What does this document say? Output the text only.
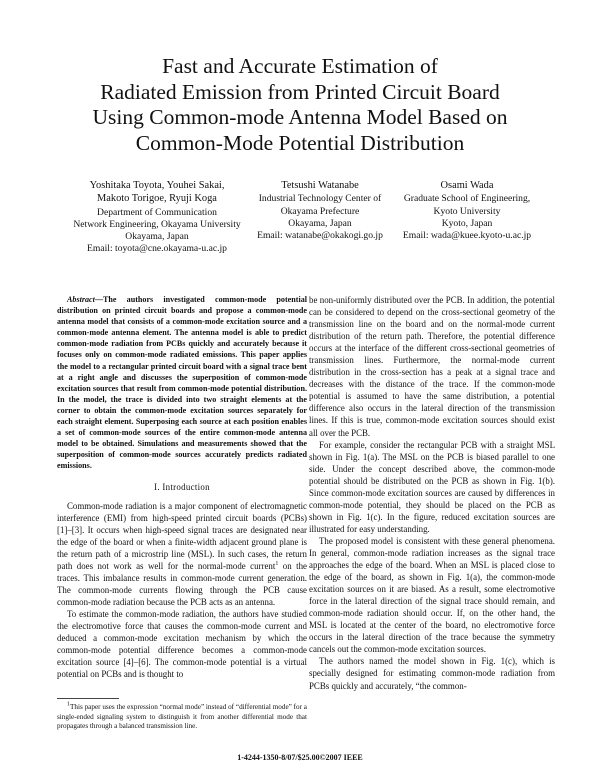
Fast and Accurate Estimation of
Radiated Emission from Printed Circuit Board
Using Common-mode Antenna Model Based on
Common-Mode Potential Distribution
Yoshitaka Toyota, Youhei Sakai,
Makoto Torigoe, Ryuji Koga
Department of Communication
Network Engineering, Okayama University
Okayama, Japan
Email: toyota@cne.okayama-u.ac.jp
Tetsushi Watanabe
Industrial Technology Center of
Okayama Prefecture
Okayama, Japan
Email: watanabe@okakogi.go.jp
Osami Wada
Graduate School of Engineering,
Kyoto University
Kyoto, Japan
Email: wada@kuee.kyoto-u.ac.jp

Abstract—The authors investigated common-mode potential distribution on printed circuit boards and propose a common-mode antenna model that consists of a common-mode excitation source and a common-mode antenna element. The antenna model is able to predict common-mode radiation from PCBs quickly and accurately because it focuses only on common-mode radiated emissions. This paper applies the model to a rectangular printed circuit board with a signal trace bent at a right angle and discusses the superposition of common-mode excitation sources that result from common-mode potential distribution. In the model, the trace is divided into two straight elements at the corner to obtain the common-mode excitation sources separately for each straight element. Superposing each source at each position enables a set of common-mode sources of the entire common-mode antenna model to be obtained. Simulations and measurements showed that the superposition of common-mode sources accurately predicts radiated emissions.

I. Introduction

Common-mode radiation is a major component of electromagnetic interference (EMI) from high-speed printed circuit boards (PCBs) [1]–[3]. It occurs when high-speed signal traces are designated near the edge of the board or when a finite-width adjacent ground plane is the return path of a microstrip line (MSL). In such cases, the return path does not work as well for the normal-mode current$^1$ on the traces. This imbalance results in common-mode current generation. The common-mode currents flowing through the PCB cause common-mode radiation because the PCB acts as an antenna.

To estimate the common-mode radiation, the authors have studied the electromotive force that causes the common-mode current and deduced a common-mode excitation mechanism by which the common-mode potential difference becomes a common-mode excitation source [4]–[6]. The common-mode potential is a virtual potential on PCBs and is thought to

$^1$This paper uses the expression “normal mode” instead of “differential mode” for a single-ended signaling system to distinguish it from another differential mode that propagates through a balanced transmission line.

be non-uniformly distributed over the PCB. In addition, the potential can be considered to depend on the cross-sectional geometry of the transmission line on the board and on the normal-mode current distribution of the return path. Therefore, the potential difference occurs at the interface of the different cross-sectional geometries of transmission lines. Furthermore, the normal-mode current distribution in the cross-section has a peak at a signal trace and decreases with the distance of the trace. If the common-mode potential is assumed to have the same distribution, a potential difference also occurs in the lateral direction of the transmission lines. If this is true, common-mode excitation sources should exist all over the PCB.

For example, consider the rectangular PCB with a straight MSL shown in Fig. 1(a). The MSL on the PCB is biased parallel to one side. Under the concept described above, the common-mode potential should be distributed on the PCB as shown in Fig. 1(b). Since common-mode excitation sources are caused by differences in common-mode potential, they should be placed on the PCB as shown in Fig. 1(c). In the figure, reduced excitation sources are illustrated for easy understanding.

The proposed model is consistent with these general phenomena. In general, common-mode radiation increases as the signal trace approaches the edge of the board. When an MSL is placed close to the edge of the board, as shown in Fig. 1(a), the common-mode excitation sources on it are biased. As a result, some electromotive force in the lateral direction of the signal trace should remain, and common-mode radiation should occur. If, on the other hand, the MSL is located at the center of the board, no electromotive force occurs in the lateral direction of the trace because the symmetry cancels out the common-mode excitation sources.

The authors named the model shown in Fig. 1(c), which is specially designed for estimating common-mode radiation from PCBs quickly and accurately, “the common-

1-4244-1350-8/07/$25.00©2007 IEEE
